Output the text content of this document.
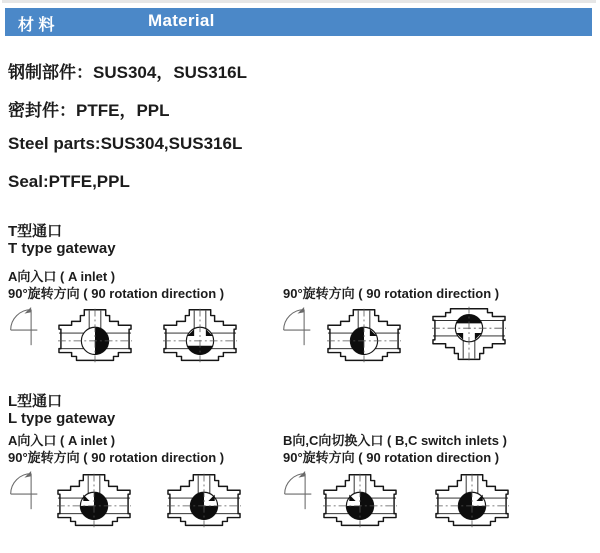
材 料	Material
钢制部件：SUS304，SUS316L
密封件：PTFE，PPL
Steel parts:SUS304,SUS316L
Seal:PTFE,PPL
T型通口
T type gateway
A向入口 ( A inlet )
90°旋转方向 ( 90 rotation direction )	90°旋转方向 ( 90 rotation direction )
L型通口
L type gateway
A向入口 ( A inlet )
90°旋转方向 ( 90 rotation direction )
B向,C向切换入口 ( B,C switch inlets )
90°旋转方向 ( 90 rotation direction )
